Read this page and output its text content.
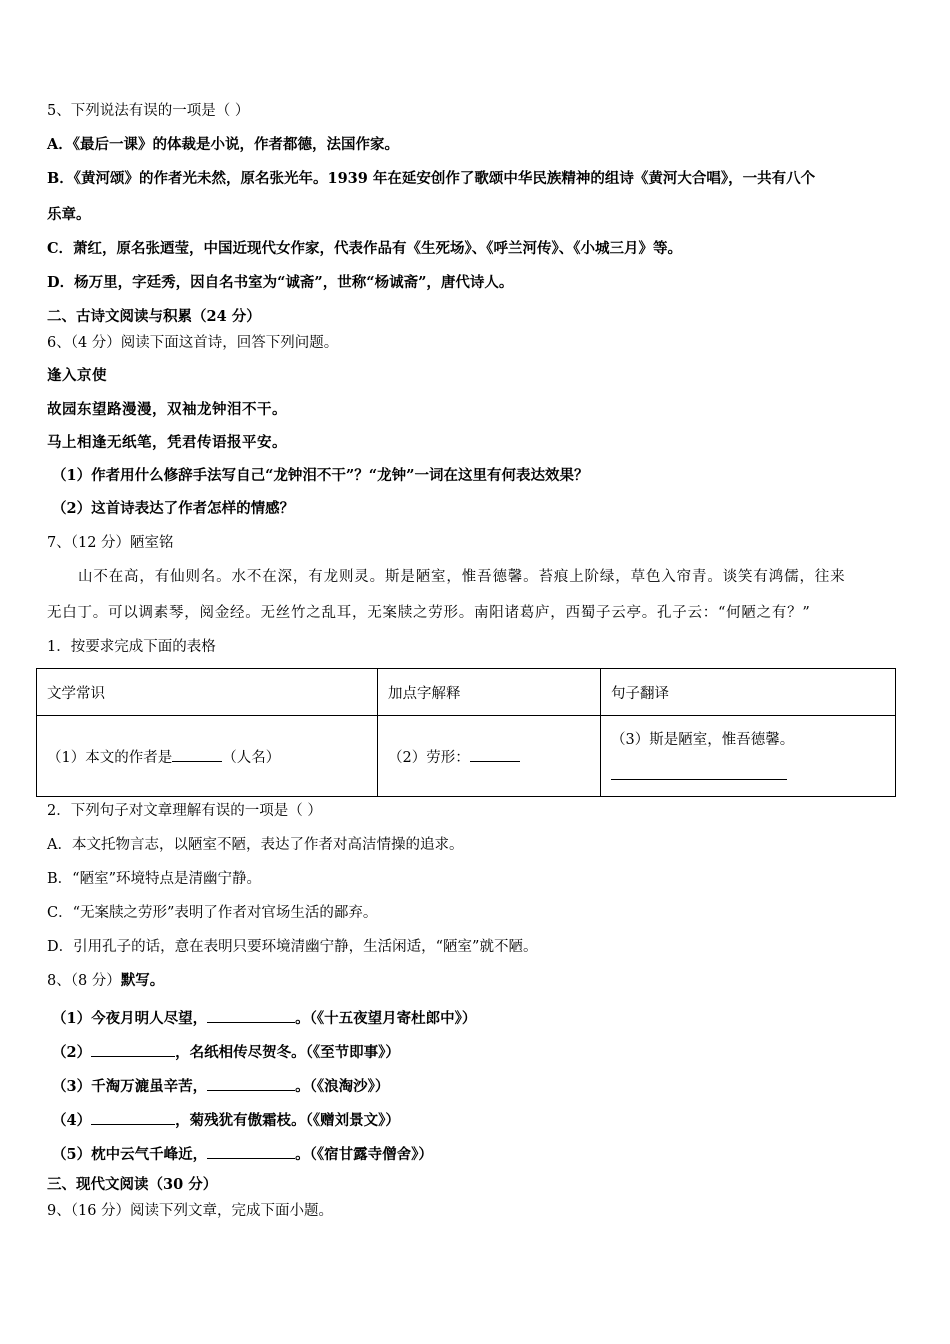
5、下列说法有误的一项是（ ）
A．《最后一课》的体裁是小说，作者都德，法国作家。
B．《黄河颂》的作者光未然，原名张光年。1939 年在延安创作了歌颂中华民族精神的组诗《黄河大合唱》，一共有八个
乐章。
C．萧红，原名张迺莹，中国近现代女作家，代表作品有《生死场》、《呼兰河传》、《小城三月》等。
D．杨万里，字廷秀，因自名书室为“诚斋”，世称“杨诚斋”，唐代诗人。
二、古诗文阅读与积累（24 分）
6、（4 分）阅读下面这首诗，回答下列问题。
逢入京使
故园东望路漫漫，双袖龙钟泪不干。
马上相逢无纸笔，凭君传语报平安。
（1）作者用什么修辞手法写自己“龙钟泪不干”？“龙钟”一词在这里有何表达效果？
（2）这首诗表达了作者怎样的情感？
7、（12 分）陋室铭
山不在高，有仙则名。水不在深，有龙则灵。斯是陋室，惟吾德馨。苔痕上阶绿，草色入帘青。谈笑有鸿儒，往来
无白丁。可以调素琴，阅金经。无丝竹之乱耳，无案牍之劳形。南阳诸葛庐，西蜀子云亭。孔子云：“何陋之有？”
1．按要求完成下面的表格
文学常识	加点字解释	句子翻译
（1）本文的作者是 （人名）	（2）劳形：	（3）斯是陋室，惟吾德馨。
2．下列句子对文章理解有误的一项是（ ）
A．本文托物言志，以陋室不陋，表达了作者对高洁情操的追求。
B．“陋室”环境特点是清幽宁静。
C．“无案牍之劳形”表明了作者对官场生活的鄙弃。
D．引用孔子的话，意在表明只要环境清幽宁静，生活闲适，“陋室”就不陋。
8、（8 分）默写。
（1）今夜月明人尽望，	。（《十五夜望月寄杜郎中》）
（2）	，名纸相传尽贺冬。（《至节即事》）
（3）千淘万漉虽辛苦，	。（《浪淘沙》）
（4）	，菊残犹有傲霜枝。（《赠刘景文》）
（5）枕中云气千峰近，	。（《宿甘露寺僧舍》）
三、现代文阅读（30 分）
9、（16 分）阅读下列文章，完成下面小题。
